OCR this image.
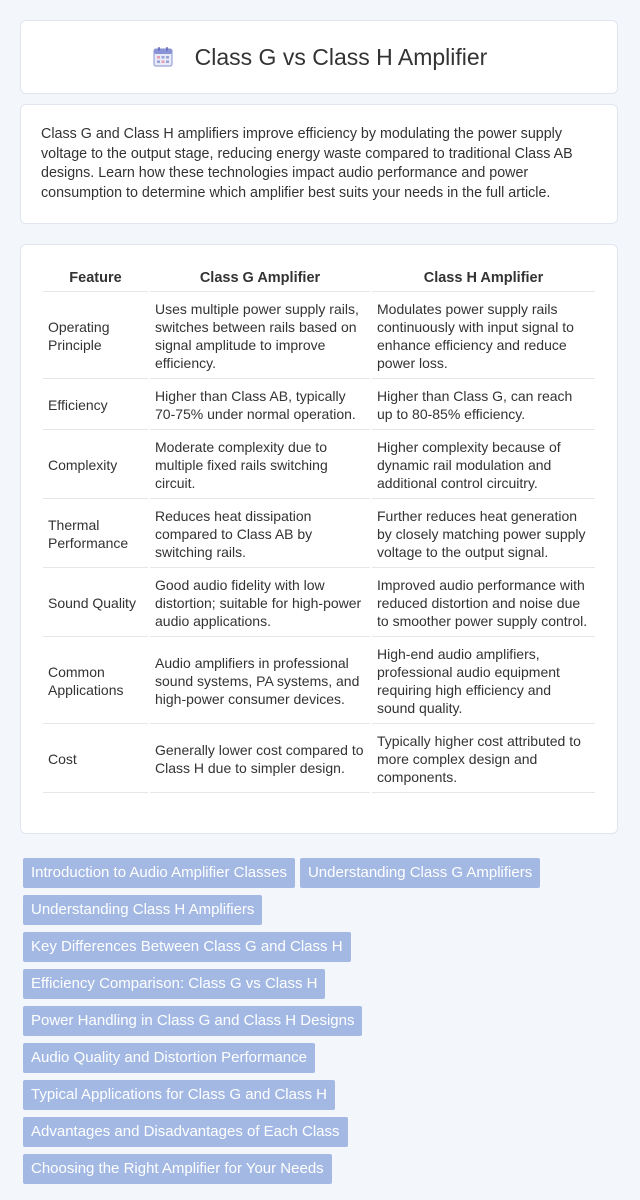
Class G vs Class H Amplifier

Class G and Class H amplifiers improve efficiency by modulating the power supply voltage to the output stage, reducing energy waste compared to traditional Class AB designs. Learn how these technologies impact audio performance and power consumption to determine which amplifier best suits your needs in the full article.

Feature	Class G Amplifier	Class H Amplifier
Operating Principle	Uses multiple power supply rails, switches between rails based on signal amplitude to improve efficiency.	Modulates power supply rails continuously with input signal to enhance efficiency and reduce power loss.
Efficiency	Higher than Class AB, typically 70-75% under normal operation.	Higher than Class G, can reach up to 80-85% efficiency.
Complexity	Moderate complexity due to multiple fixed rails switching circuit.	Higher complexity because of dynamic rail modulation and additional control circuitry.
Thermal Performance	Reduces heat dissipation compared to Class AB by switching rails.	Further reduces heat generation by closely matching power supply voltage to the output signal.
Sound Quality	Good audio fidelity with low distortion; suitable for high-power audio applications.	Improved audio performance with reduced distortion and noise due to smoother power supply control.
Common Applications	Audio amplifiers in professional sound systems, PA systems, and high-power consumer devices.	High-end audio amplifiers, professional audio equipment requiring high efficiency and sound quality.
Cost	Generally lower cost compared to Class H due to simpler design.	Typically higher cost attributed to more complex design and components.
Introduction to Audio Amplifier Classes Understanding Class G Amplifiers Understanding Class H Amplifiers
Key Differences Between Class G and Class H
Efficiency Comparison: Class G vs Class H
Power Handling in Class G and Class H Designs
Audio Quality and Distortion Performance
Typical Applications for Class G and Class H
Advantages and Disadvantages of Each Class
Choosing the Right Amplifier for Your Needs
